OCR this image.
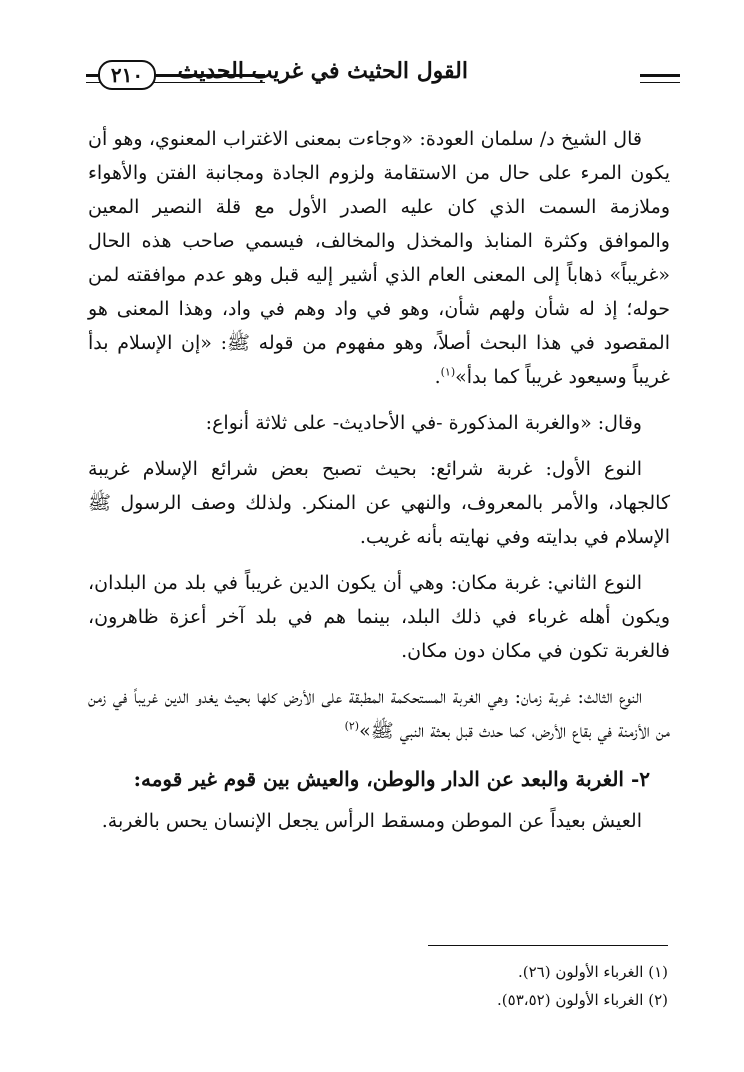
القول الحثيث في غريب الحديث
٢١٠

قال الشيخ د/ سلمان العودة: «وجاءت بمعنى الاغتراب المعنوي، وهو أن يكون المرء على حال من الاستقامة ولزوم الجادة ومجانبة الفتن والأهواء وملازمة السمت الذي كان عليه الصدر الأول مع قلة النصير المعين والموافق وكثرة المنابذ والمخذل والمخالف، فيسمي صاحب هذه الحال «غريباً» ذهاباً إلى المعنى العام الذي أشير إليه قبل وهو عدم موافقته لمن حوله؛ إذ له شأن ولهم شأن، وهو في واد وهم في واد، وهذا المعنى هو المقصود في هذا البحث أصلاً، وهو مفهوم من قوله ﷺ: «إن الإسلام بدأ غريباً وسيعود غريباً كما بدأ»$^{(١)}$.

وقال: «والغربة المذكورة -في الأحاديث- على ثلاثة أنواع:

النوع الأول: غربة شرائع: بحيث تصبح بعض شرائع الإسلام غريبة كالجهاد، والأمر بالمعروف، والنهي عن المنكر. ولذلك وصف الرسول ﷺ الإسلام في بدايته وفي نهايته بأنه غريب.

النوع الثاني: غربة مكان: وهي أن يكون الدين غريباً في بلد من البلدان، ويكون أهله غرباء في ذلك البلد، بينما هم في بلد آخر أعزة ظاهرون، فالغربة تكون في مكان دون مكان.

النوع الثالث: غربة زمان: وهي الغربة المستحكمة المطبقة على الأرض كلها بحيث يغدو الدين غريباً في زمن من الأزمنة في بقاع الأرض، كما حدث قبل بعثة النبي ﷺ»$^{(٢)}$

٢- الغربة والبعد عن الدار والوطن، والعيش بين قوم غير قومه:

العيش بعيداً عن الموطن ومسقط الرأس يجعل الإنسان يحس بالغربة.

(١) الغرباء الأولون (٢٦).
(٢) الغرباء الأولون (٥٣،٥٢).
